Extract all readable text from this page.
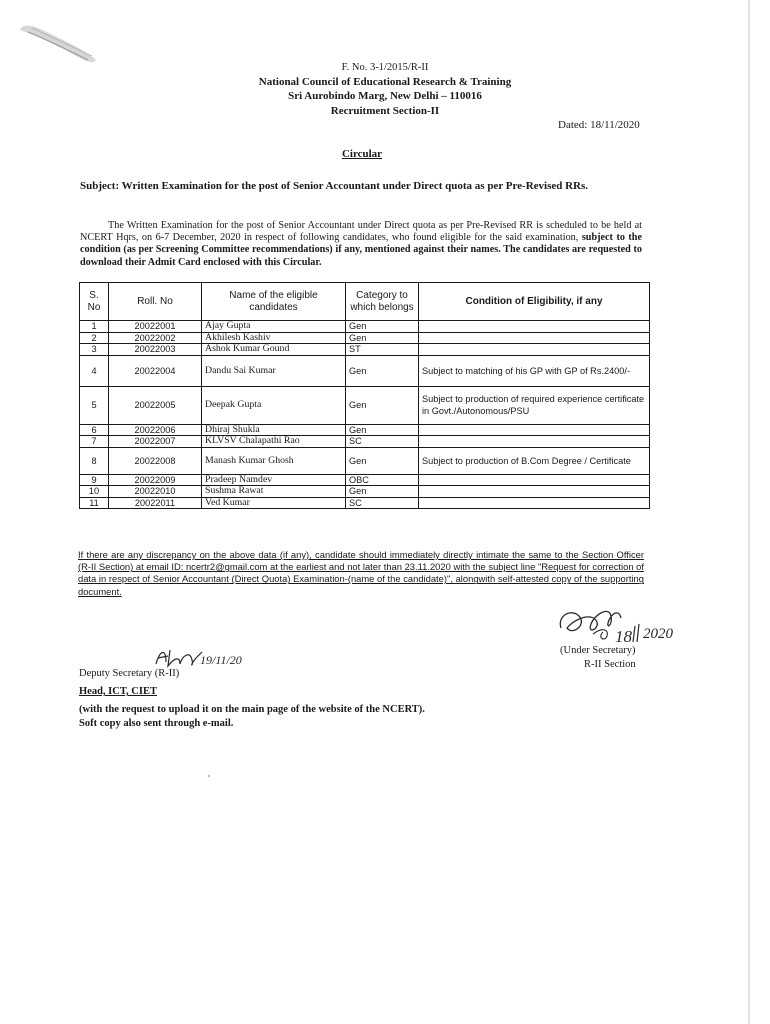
F. No. 3-1/2015/R-II
National Council of Educational Research & Training
Sri Aurobindo Marg, New Delhi – 110016
Recruitment Section-II
Dated: 18/11/2020
Circular
Subject: Written Examination for the post of Senior Accountant under Direct quota as per Pre-Revised RRs.
The Written Examination for the post of Senior Accountant under Direct quota as per Pre-Revised RR is scheduled to be held at NCERT Hqrs, on 6-7 December, 2020 in respect of following candidates, who found eligible for the said examination, subject to the condition (as per Screening Committee recommendations) if any, mentioned against their names. The candidates are requested to download their Admit Card enclosed with this Circular.
S. No	Roll. No	Name of the eligible candidates	Category to which belongs	Condition of Eligibility, if any
1	20022001	Ajay Gupta	Gen	
2	20022002	Akhilesh Kashiv	Gen	
3	20022003	Ashok Kumar Gound	ST	
4	20022004	Dandu Sai Kumar	Gen	Subject to matching of his GP with GP of Rs.2400/-
5	20022005	Deepak Gupta	Gen	Subject to production of required experience certificate in Govt./Autonomous/PSU
6	20022006	Dhiraj Shukla	Gen	
7	20022007	KLVSV Chalapathi Rao	SC	
8	20022008	Manash Kumar Ghosh	Gen	Subject to production of B.Com Degree / Certificate
9	20022009	Pradeep Namdev	OBC	
10	20022010	Sushma Rawat	Gen	
11	20022011	Ved Kumar	SC	
If there are any discrepancy on the above data (if any), candidate should immediately directly intimate the same to the Section Officer (R-II Section) at email ID: ncertr2@gmail.com at the earliest and not later than 23.11.2020 with the subject line "Request for correction of data in respect of Senior Accountant (Direct Quota) Examination-(name of the candidate)", alongwith self-attested copy of the supporting document.
18 2020
(Under Secretary)
R-II Section
19/11/20
Deputy Secretary (R-II)
Head, ICT, CIET
(with the request to upload it on the main page of the website of the NCERT).
Soft copy also sent through e-mail.
